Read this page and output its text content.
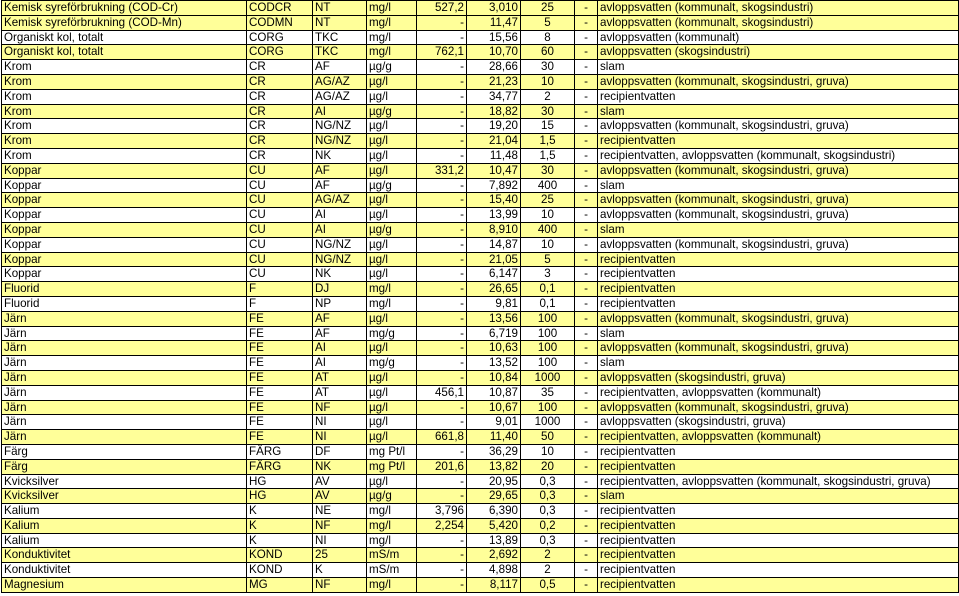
Kemisk syreförbrukning (COD-Cr)	CODCR	NT	mg/l	527,2	3,010	25	-	avloppsvatten (kommunalt, skogsindustri)
Kemisk syreförbrukning (COD-Mn)	CODMN	NT	mg/l	-	11,47	5	-	avloppsvatten (kommunalt, skogsindustri)
Organiskt kol, totalt	CORG	TKC	mg/l	-	15,56	8	-	avloppsvatten (kommunalt)
Organiskt kol, totalt	CORG	TKC	mg/l	762,1	10,70	60	-	avloppsvatten (skogsindustri)
Krom	CR	AF	µg/g	-	28,66	30	-	slam
Krom	CR	AG/AZ	µg/l	-	21,23	10	-	avloppsvatten (kommunalt, skogsindustri, gruva)
Krom	CR	AG/AZ	µg/l	-	34,77	2	-	recipientvatten
Krom	CR	AI	µg/g	-	18,82	30	-	slam
Krom	CR	NG/NZ	µg/l	-	19,20	15	-	avloppsvatten (kommunalt, skogsindustri, gruva)
Krom	CR	NG/NZ	µg/l	-	21,04	1,5	-	recipientvatten
Krom	CR	NK	µg/l	-	11,48	1,5	-	recipientvatten, avloppsvatten (kommunalt, skogsindustri)
Koppar	CU	AF	µg/l	331,2	10,47	30	-	avloppsvatten (kommunalt, skogsindustri, gruva)
Koppar	CU	AF	µg/g	-	7,892	400	-	slam
Koppar	CU	AG/AZ	µg/l	-	15,40	25	-	avloppsvatten (kommunalt, skogsindustri, gruva)
Koppar	CU	AI	µg/l	-	13,99	10	-	avloppsvatten (kommunalt, skogsindustri, gruva)
Koppar	CU	AI	µg/g	-	8,910	400	-	slam
Koppar	CU	NG/NZ	µg/l	-	14,87	10	-	avloppsvatten (kommunalt, skogsindustri, gruva)
Koppar	CU	NG/NZ	µg/l	-	21,05	5	-	recipientvatten
Koppar	CU	NK	µg/l	-	6,147	3	-	recipientvatten
Fluorid	F	DJ	mg/l	-	26,65	0,1	-	recipientvatten
Fluorid	F	NP	mg/l	-	9,81	0,1	-	recipientvatten
Järn	FE	AF	µg/l	-	13,56	100	-	avloppsvatten (kommunalt, skogsindustri, gruva)
Järn	FE	AF	mg/g	-	6,719	100	-	slam
Järn	FE	AI	µg/l	-	10,63	100	-	avloppsvatten (kommunalt, skogsindustri, gruva)
Järn	FE	AI	mg/g	-	13,52	100	-	slam
Järn	FE	AT	µg/l	-	10,84	1000	-	avloppsvatten (skogsindustri, gruva)
Järn	FE	AT	µg/l	456,1	10,87	35	-	recipientvatten, avloppsvatten (kommunalt)
Järn	FE	NF	µg/l	-	10,67	100	-	avloppsvatten (kommunalt, skogsindustri, gruva)
Järn	FE	NI	µg/l	-	9,01	1000	-	avloppsvatten (skogsindustri, gruva)
Järn	FE	NI	µg/l	661,8	11,40	50	-	recipientvatten, avloppsvatten (kommunalt)
Färg	FÄRG	DF	mg Pt/l	-	36,29	10	-	recipientvatten
Färg	FÄRG	NK	mg Pt/l	201,6	13,82	20	-	recipientvatten
Kvicksilver	HG	AV	µg/l	-	20,95	0,3	-	recipientvatten, avloppsvatten (kommunalt, skogsindustri, gruva)
Kvicksilver	HG	AV	µg/g	-	29,65	0,3	-	slam
Kalium	K	NE	mg/l	3,796	6,390	0,3	-	recipientvatten
Kalium	K	NF	mg/l	2,254	5,420	0,2	-	recipientvatten
Kalium	K	NI	mg/l	-	13,89	0,3	-	recipientvatten
Konduktivitet	KOND	25	mS/m	-	2,692	2	-	recipientvatten
Konduktivitet	KOND	K	mS/m	-	4,898	2	-	recipientvatten
Magnesium	MG	NF	mg/l	-	8,117	0,5	-	recipientvatten
